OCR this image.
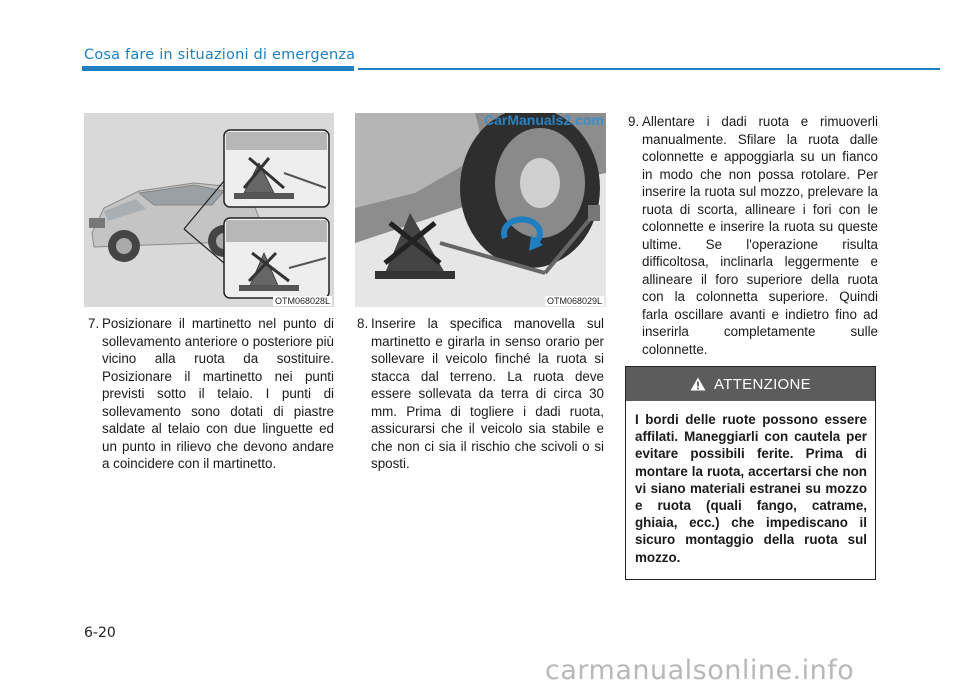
Cosa fare in situazioni di emergenza
OTM068028L	OTM068029L
CarManuals2.com
7. Posizionare il martinetto nel punto di sollevamento anteriore o posteriore più vicino alla ruota da sostituire. Posizionare il martinetto nei punti previsti sotto il telaio. I punti di sollevamento sono dotati di piastre saldate al telaio con due linguette ed un punto in rilievo che devono andare a coincidere con il martinetto.
8. Inserire la specifica manovella sul martinetto e girarla in senso orario per sollevare il veicolo finché la ruota si stacca dal terreno. La ruota deve essere sollevata da terra di circa 30 mm. Prima di togliere i dadi ruota, assicurarsi che il veicolo sia stabile e che non ci sia il rischio che scivoli o si sposti.
9. Allentare i dadi ruota e rimuoverli manualmente. Sfilare la ruota dalle colonnette e appoggiarla su un fianco in modo che non possa rotolare. Per inserire la ruota sul mozzo, prelevare la ruota di scorta, allineare i fori con le colonnette e inserire la ruota su queste ultime. Se l'operazione risulta difficoltosa, inclinarla leggermente e allineare il foro superiore della ruota con la colonnetta superiore. Quindi farla oscillare avanti e indietro fino ad inserirla completamente sulle colonnette.
ATTENZIONE
I bordi delle ruote possono essere affilati. Maneggiarli con cautela per evitare possibili ferite. Prima di montare la ruota, accertarsi che non vi siano materiali estranei su mozzo e ruota (quali fango, catrame, ghiaia, ecc.) che impediscano il sicuro montaggio della ruota sul mozzo.
6-20
carmanualsonline.info
